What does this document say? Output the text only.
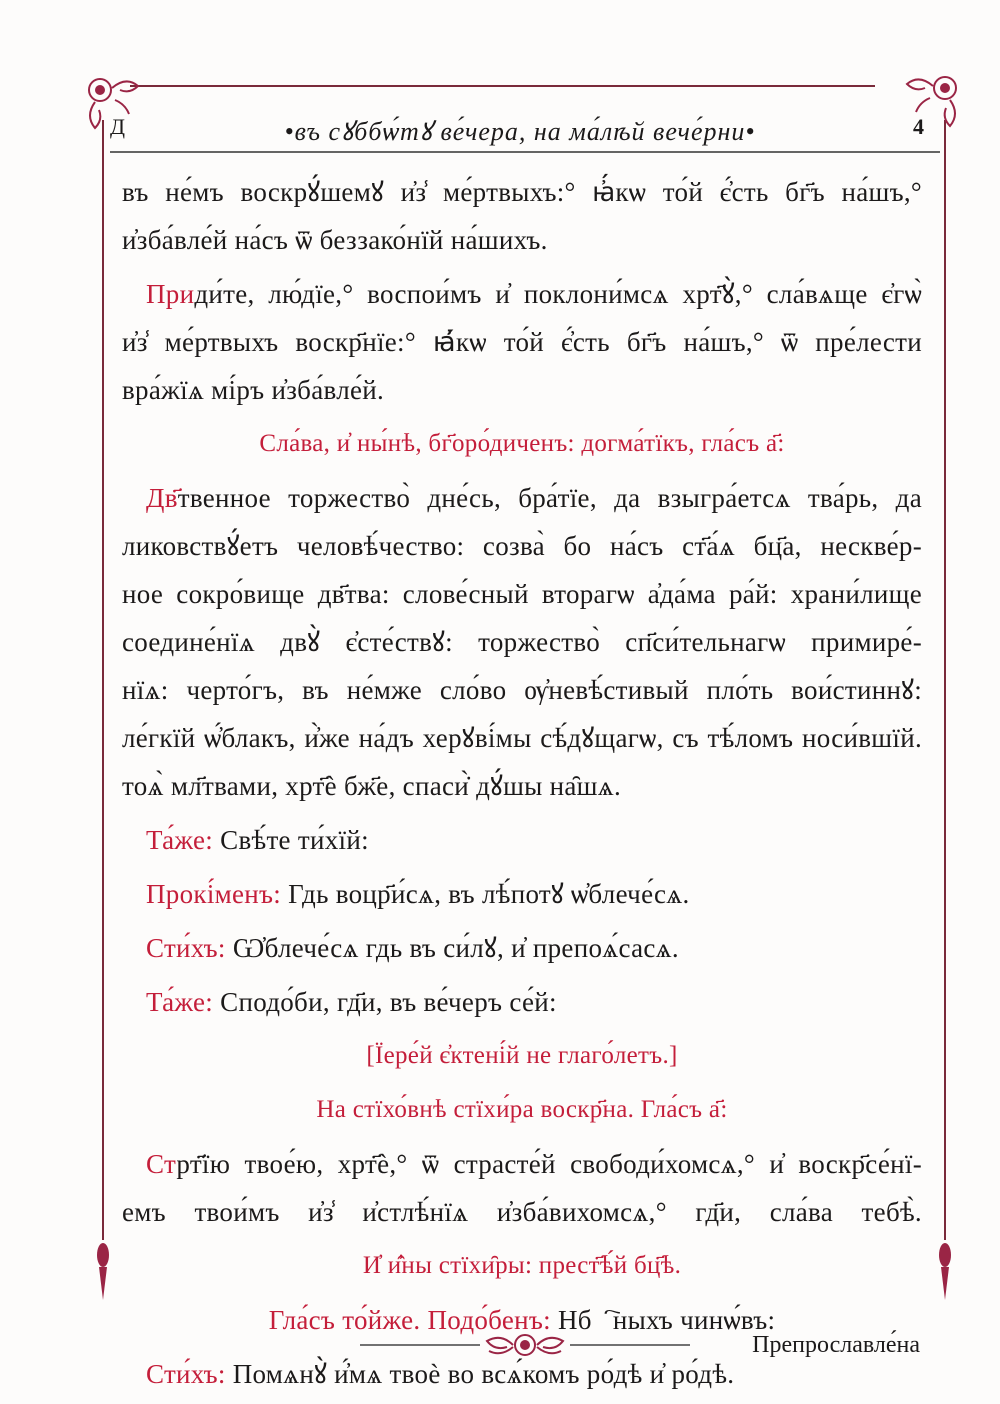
Д	•въ сꙋббѡ́тꙋ ве́чера, на ма́лѣй вече́рни•	4
въ не́мъ воскрꙋ́шемꙋ и҆з̾ ме́ртвыхъ:° ꙗ҆́кѡ то́й є҆́сть бг҃ъ на́шъ,°
и҆зба́вле́й на́съ ѿ беззако́нїй на́шихъ.
Приди́те, лю́дїе,° воспои́мъ и҆ поклони́мсѧ хрт҃ꙋ̀,° сла́вѧще є҆гѡ̀
и҆з̾ ме́ртвыхъ воскр҃нїе:° ꙗ҆́кѡ то́й є҆́сть бг҃ъ на́шъ,° ѿ пре́лести
вра́жїѧ мі́ръ и҆зба́вле́й.
Сла́ва, и҆ ны́нѣ, бг҃оро́диченъ: догма́тїкъ, гла́съ а҃:
Дв҃твенное торжество̀ дне́сь, бра́тїе, да взыгра́етсѧ тва́рь, да
ликовствꙋ́етъ человѣ́чество: созва̀ бо на́съ ст҃а́ѧ бц҃а, нескве́р-
ное сокро́вище дв҃тва: слове́сный вторагѡ а҆да́ма ра́й: храни́лище
соедине́нїѧ двꙋ̀ є҆сте́ствꙋ: торжество̀ сп҃си́тельнагѡ примире́-
нїѧ: черто́гъ, въ не́мже сло́во ѹ҆невѣ́стивый пло́ть вои́стиннꙋ:
ле́гкїй ѡ҆́блакъ, и҆̀же на́дъ херꙋві́мы сѣ́дꙋщагѡ, съ тѣ́ломъ носи́вшїй.
тоѧ̀ мл҃твами, хрт҃ѐ бж҃е, спаси̇̀ дꙋ́шы на̑шѧ.
Та́же: Свѣ́те ти́хїй:
Прокі́менъ: Гдь воцр҃и́сѧ, въ лѣ́потꙋ ѡ҆блече́сѧ.
Сти́хъ: Ѡ҆блече́сѧ гдь въ си́лꙋ, и҆ препоѧ́сасѧ.
Та́же: Сподо́би, гд҃и, въ ве́черъ се́й:
[Їере́й є҆ктені́й не глаго́летъ.]
На стїхо́внѣ стїхи́ра воскр҃на. Гла́съ а҃:
Стрт҃їю твое́ю, хрт҃ѐ,° ѿ страсте́й свободи́хомсѧ,° и҆ воскр҃се́нї-
емъ твои́мъ и҆з̾ и҆стлѣ́нїѧ и҆зба́вихомсѧ,° гд҃и, сла́ва тебѣ̀.
И҆ и҆̑ны стїхи̑ры: прест҃ѣ́й бц҃ѣ.
Гла́съ то́йже. Подо́бенъ: Нбⷭ҇ныхъ чинѡ́въ:
Сти́хъ: Помѧнꙋ̀ и҆́мѧ твоѐ во всѧ́комъ ро́дѣ и҆ ро́дѣ.
Препрославле́на
